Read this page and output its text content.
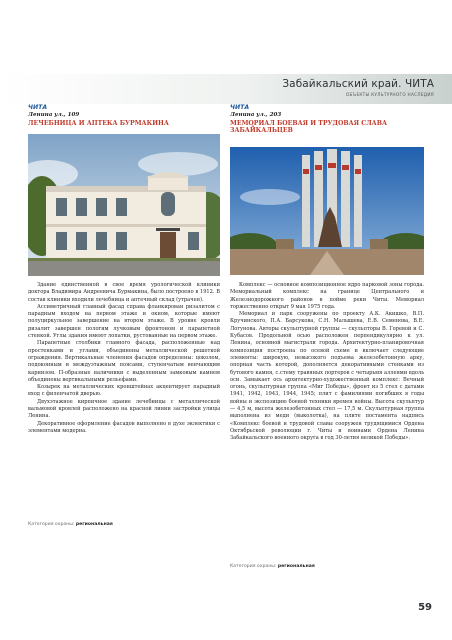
Забайкальский край. ЧИТА
ОБЪЕКТЫ КУЛЬТУРНОГО НАСЛЕДИЯ

ЧИТА

Ленина ул., 109

ЛЕЧЕБНИЦА И АПТЕКА БУРМАКИНА

Здание единственной в свое время урологической клиники доктора Владимира Андреевича Бурмакина, было построено в 1912. В состав клиники входили лечебница и аптечный склад (утрачен).

Ассиметричный главный фасад справа фланкирован ризалитом с парадным входом на первом этаже и окном, которые имеют полуциркульное завершение на втором этаже. В уровне кровли ризалит завершен пологим лучковым фронтоном и парапетной стенкой. Углы здания имеют лопатки, рустованные на первом этаже.

Парапетные столбики главного фасада, расположенные над простенками и углами, объединены металлической решеткой ограждения. Вертикальные членения фасадов определены: цоколем, подоконным и междуэтажным поясами, ступенчатым венчающим карнизом. П-образные наличники с выделенным замковым камнем объединены вертикальными рельефами.

Козырек на металлических кронштейнах акцентирует парадный вход с филенчатой дверью.

Двухэтажное кирпичное здание лечебницы с металлической вальмовой кровлей расположено на красной линии застройки улицы Ленина.

Декоративное оформление фасадов выполнено в духе эклектики с элементами модерна.

Категория охраны: региональная

ЧИТА

Ленина ул., 203

МЕМОРИАЛ БОЕВАЯ И ТРУДОВАЯ СЛАВА ЗАБАЙКАЛЬЦЕВ

Комплекс — основное композиционное ядро парковой зоны города. Мемориальный комплекс на границе Центрального и Железнодорожного районов в пойме реки Читы. Мемориал торжественно открыт 9 мая 1975 года.

Мемориал и парк сооружены по проекту А.К. Акишко, В.П. Кручинского, П.А. Барсукова, С.Н. Малышева, Е.В. Семенова, В.Е. Логунова. Авторы скульптурной группы — скульпторы В. Горевой и С. Кубасов. Продольной осью расположен перпендикулярно к ул. Ленина, основной магистрали города. Архитектурно-планировочная композиция построена по осевой схеме и включает следующие элементы: широкую, невысокого подъема железобетонную арку, опорная часть которой, дополняется декоративными стенками из бутового камня, с.стему травяных портеров с четырьмя аллеями вдоль оси. Замыкает ось архитектурно-художественный комплекс: Вечный огонь, скульптурная группа «Миг Победы», фронт из 5 стел с датами 1941, 1942, 1943, 1944, 1945; плит с фамилиями погибших в годы войны и экспозицию боевой техники времен войны. Высота скульптур — 4,5 м, высота железобетонных стел — 17,5 м. Скульптурная группа выполнена из меди (выколотка), на плите постамента надпись «Комплекс боевой и трудовой славы сооружен трудящимися Ордена Октябрьской революции г. Читы и воинами Ордена Ленина Забайкальского военного округа в год 30-летия великой Победы».

Категория охраны: региональная
59
